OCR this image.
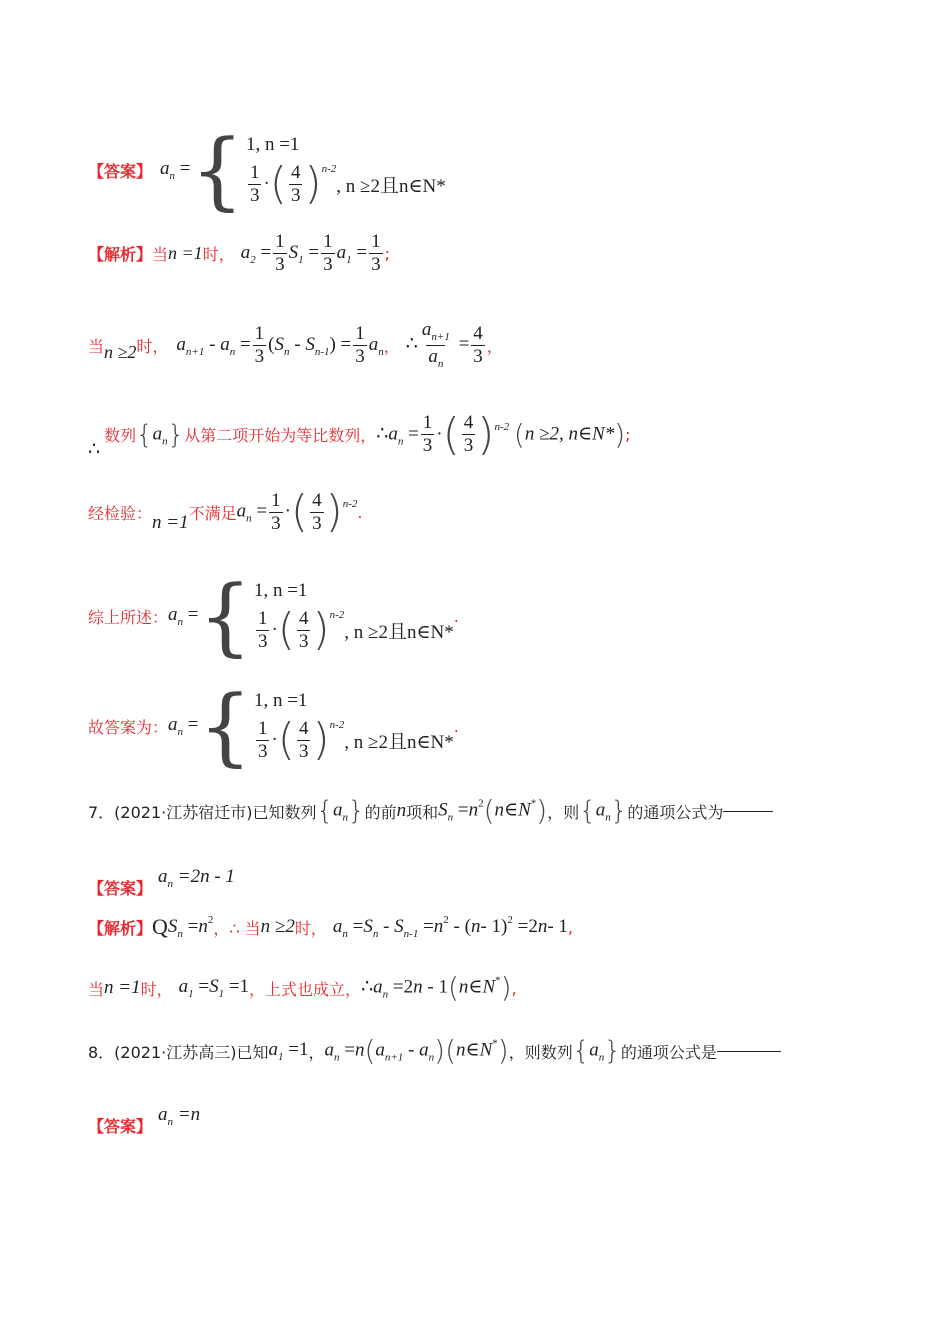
【答案】 $a_n$ = { 1, n =1
$\frac{1}{3}$ · ( $\frac{4}{3}$ ) n-2
, n ≥2且n∈N*
【解析】 当 n =1 时， $a_2 = \frac{1}{3} S_1 = \frac{1}{3} a_1 = \frac{1}{3}$ ;
当 n ≥2 时， $a_{n+1} - a_n = \frac{1}{3} (S_n - S_{n-1}) = \frac{1}{3} a_n$ ， ∴ $\frac{a_{n+1}}{a_n} = \frac{4}{3}$ ，
∴
数列 $\{a_n\}$ 从第二项开始为等比数列， $\therefore a_n = \frac{1}{3}$ ·( $\frac{4}{3} )^{n-2}$ (n ≥2, n∈N*) ;
经检验： n =1 不满足 $a_n = \frac{1}{3}$ ·( $\frac{4}{3} )^{n-2}$ .
综上所述： $a_n$ = { 1, n =1
$\frac{1}{3}$ · ( $\frac{4}{3}$ ) n-2
, n ≥2且n∈N*
.
故答案为： $a_n$ = { 1, n =1
$\frac{1}{3}$ · ( $\frac{4}{3}$ ) n-2
, n ≥2且n∈N*
.
7．(2021·江苏宿迁市)已知数列 $\{a_n\}$ 的前 n 项和 $S_n$ $=n^2(n\in N^*)$ ，则 $\{a_n\}$ 的通项公式为
【答案】
$a_n =2n - 1$
【解析】 Q $S_n =n^2$ ，∴ 当 n ≥2 时， $a_n =S_n - S_{n-1} =n^2 - (n-$ 1)$^2$ =2n- 1 ,
当 n =1 时， $a_1 =S_1 =1$ ，上式也成立， $\therefore a_n =2n$ - 1(n∈N*) ,
8．(2021·江苏高三)已知 $a_1 =1$ ， $a_n =n(a_{n+1}$ - $a_n)(n\in N^*)$ ，则数列 $\{a_n\}$ 的通项公式是
【答案】
$a_n =n$
